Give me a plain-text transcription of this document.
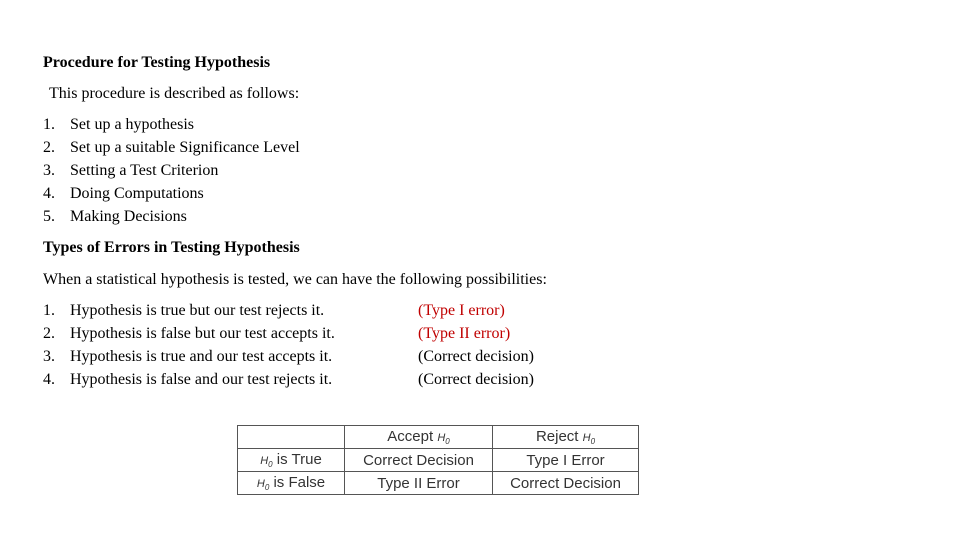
Procedure for Testing Hypothesis
This procedure is described as follows:
1. Set up a hypothesis
2. Set up a suitable Significance Level
3. Setting a Test Criterion
4. Doing Computations
5. Making Decisions
Types of Errors in Testing Hypothesis
When a statistical hypothesis is tested, we can have the following possibilities:
1. Hypothesis is true but our test rejects it.	(Type I error)
2. Hypothesis is false but our test accepts it.	(Type II error)
3. Hypothesis is true and our test accepts it.	(Correct decision)
4. Hypothesis is false and our test rejects it.	(Correct decision)
	Accept $H_0$	Reject $H_0$
$H_0$ is True	Correct Decision	Type I Error
$H_0$ is False	Type II Error	Correct Decision
